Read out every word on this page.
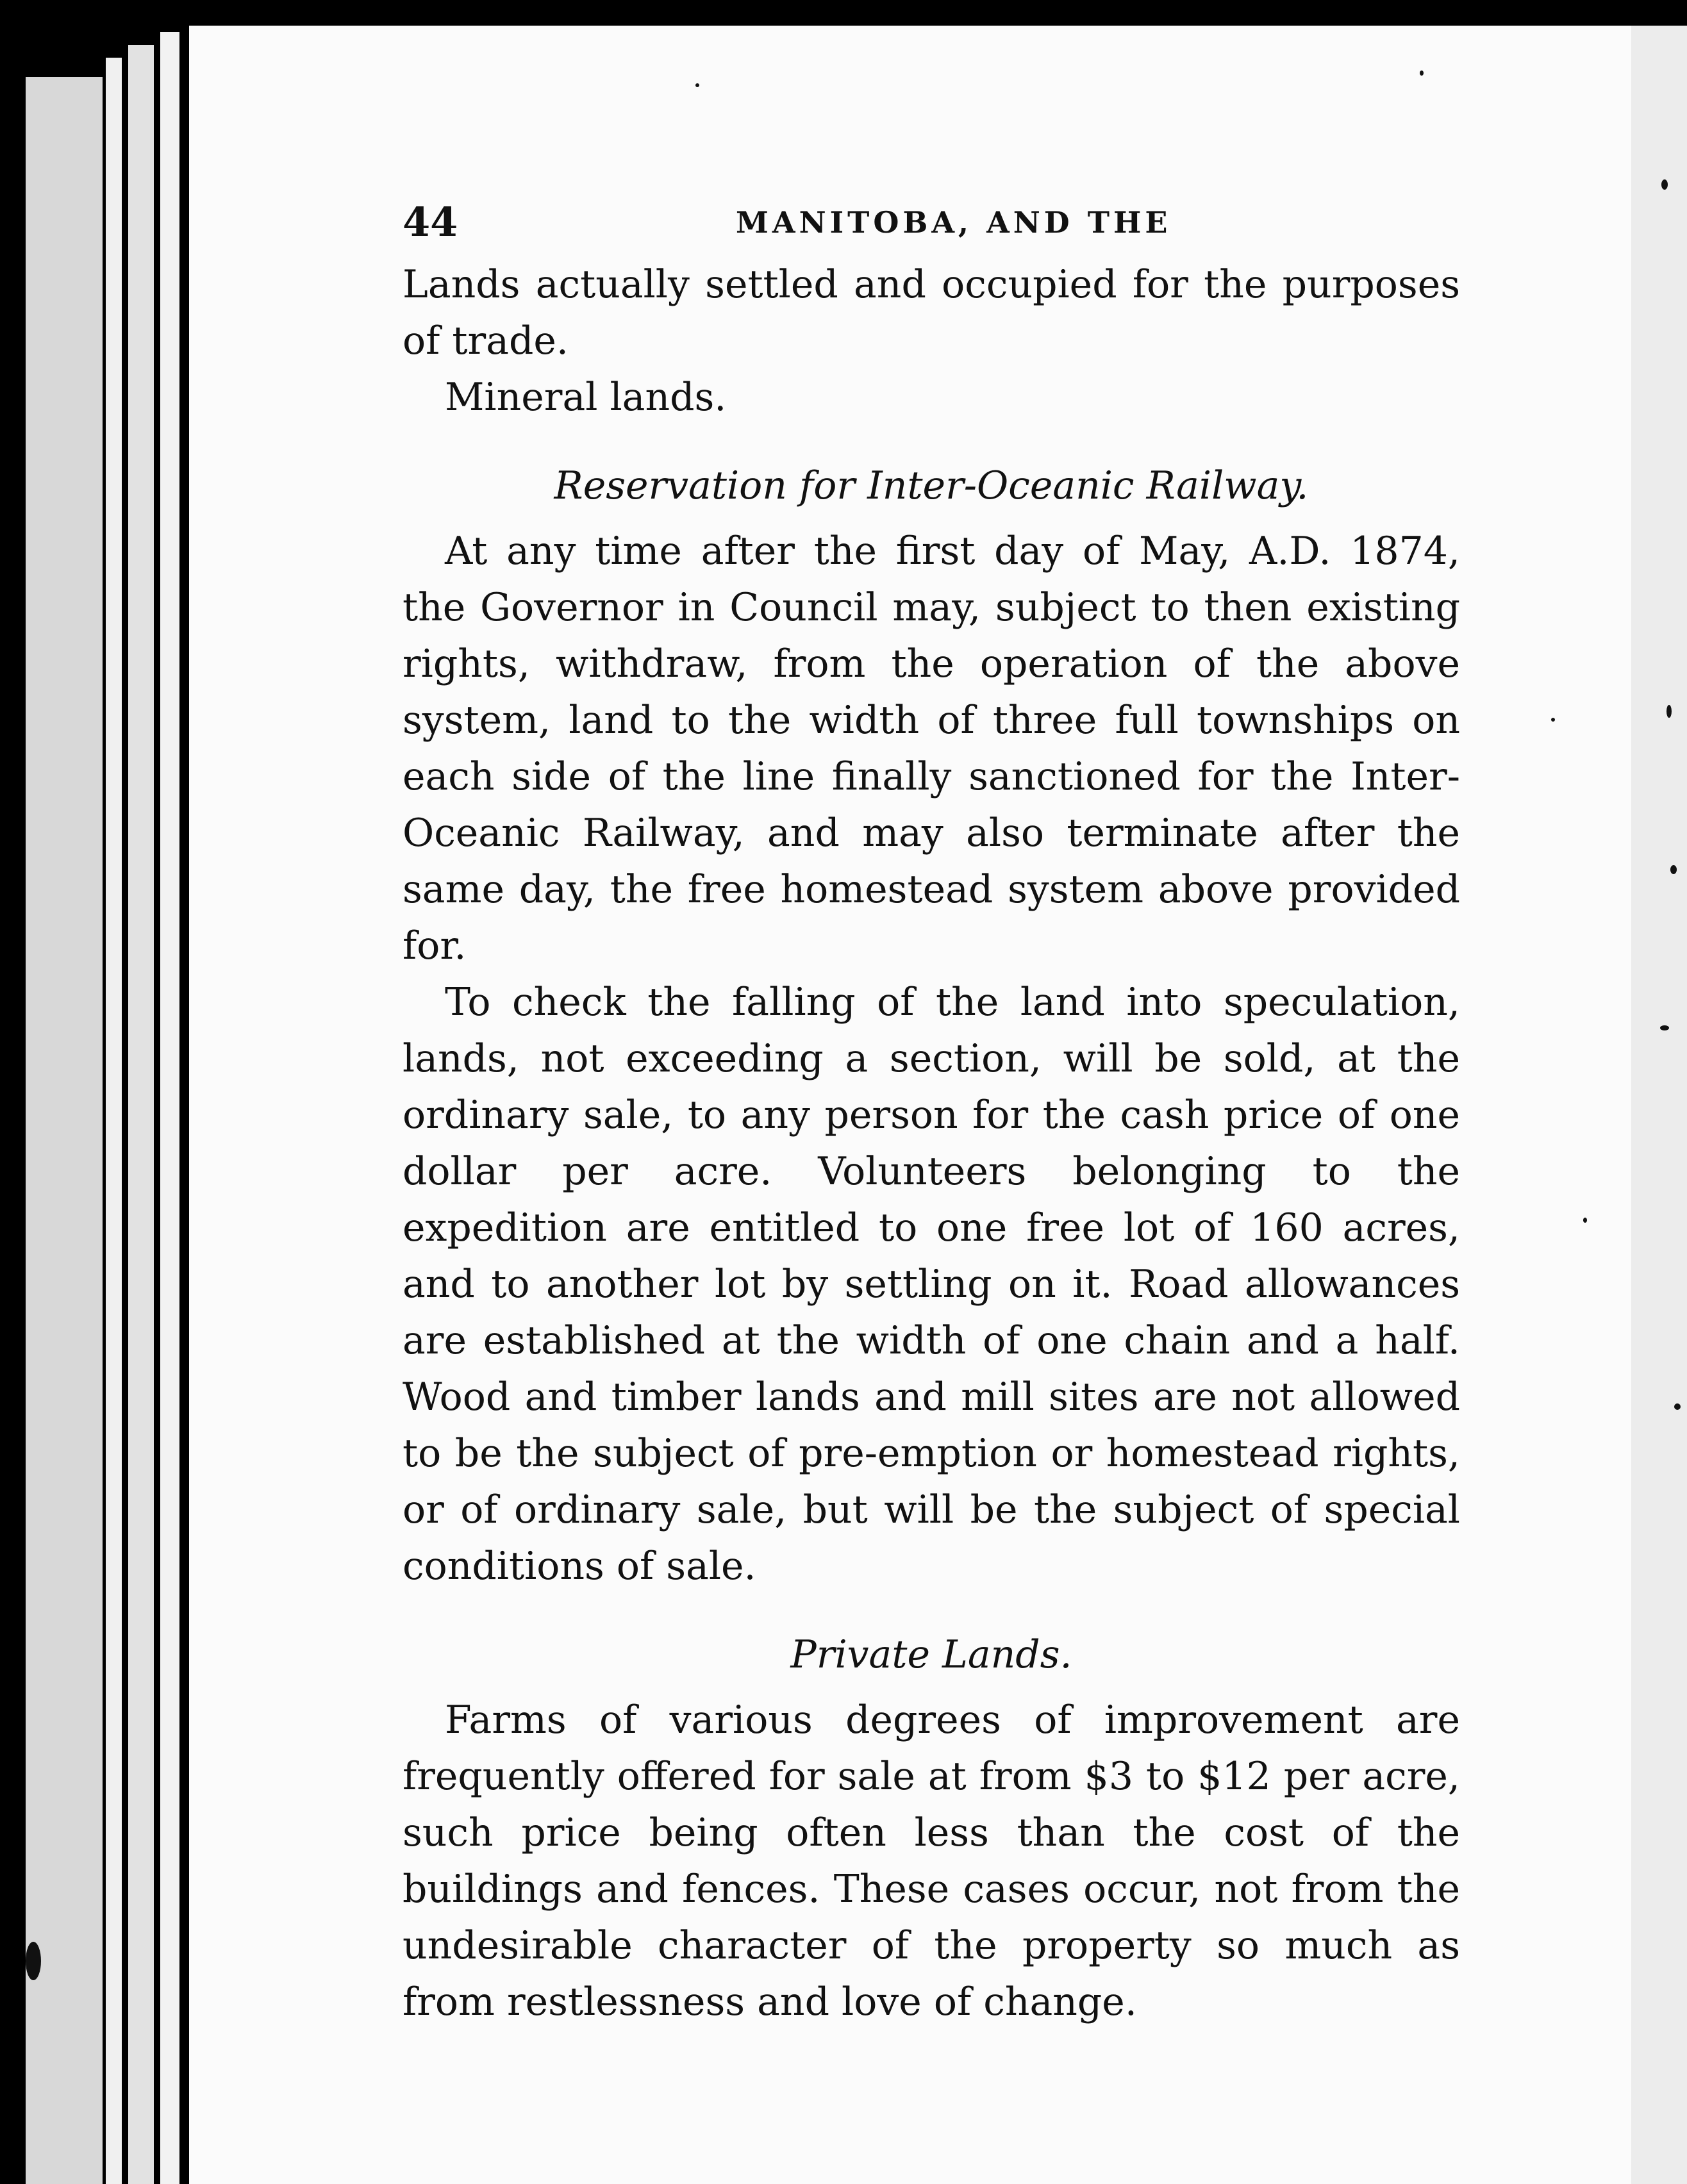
44	MANITOBA, AND THE

Lands actually settled and occupied for the purposes of trade.

Mineral lands.

Reservation for Inter-Oceanic Railway.

At any time after the first day of May, A.D. 1874, the Governor in Council may, subject to then existing rights, withdraw, from the operation of the above system, land to the width of three full townships on each side of the line finally sanctioned for the Inter-Oceanic Railway, and may also terminate after the same day, the free homestead system above provided for.

To check the falling of the land into speculation, lands, not exceeding a section, will be sold, at the ordinary sale, to any person for the cash price of one dollar per acre. Volunteers belonging to the expedition are entitled to one free lot of 160 acres, and to another lot by settling on it. Road allowances are established at the width of one chain and a half. Wood and timber lands and mill sites are not allowed to be the subject of pre-emption or homestead rights, or of ordinary sale, but will be the subject of special conditions of sale.

Private Lands.

Farms of various degrees of improvement are frequently offered for sale at from $3 to $12 per acre, such price being often less than the cost of the buildings and fences. These cases occur, not from the undesirable character of the property so much as from restlessness and love of change.
